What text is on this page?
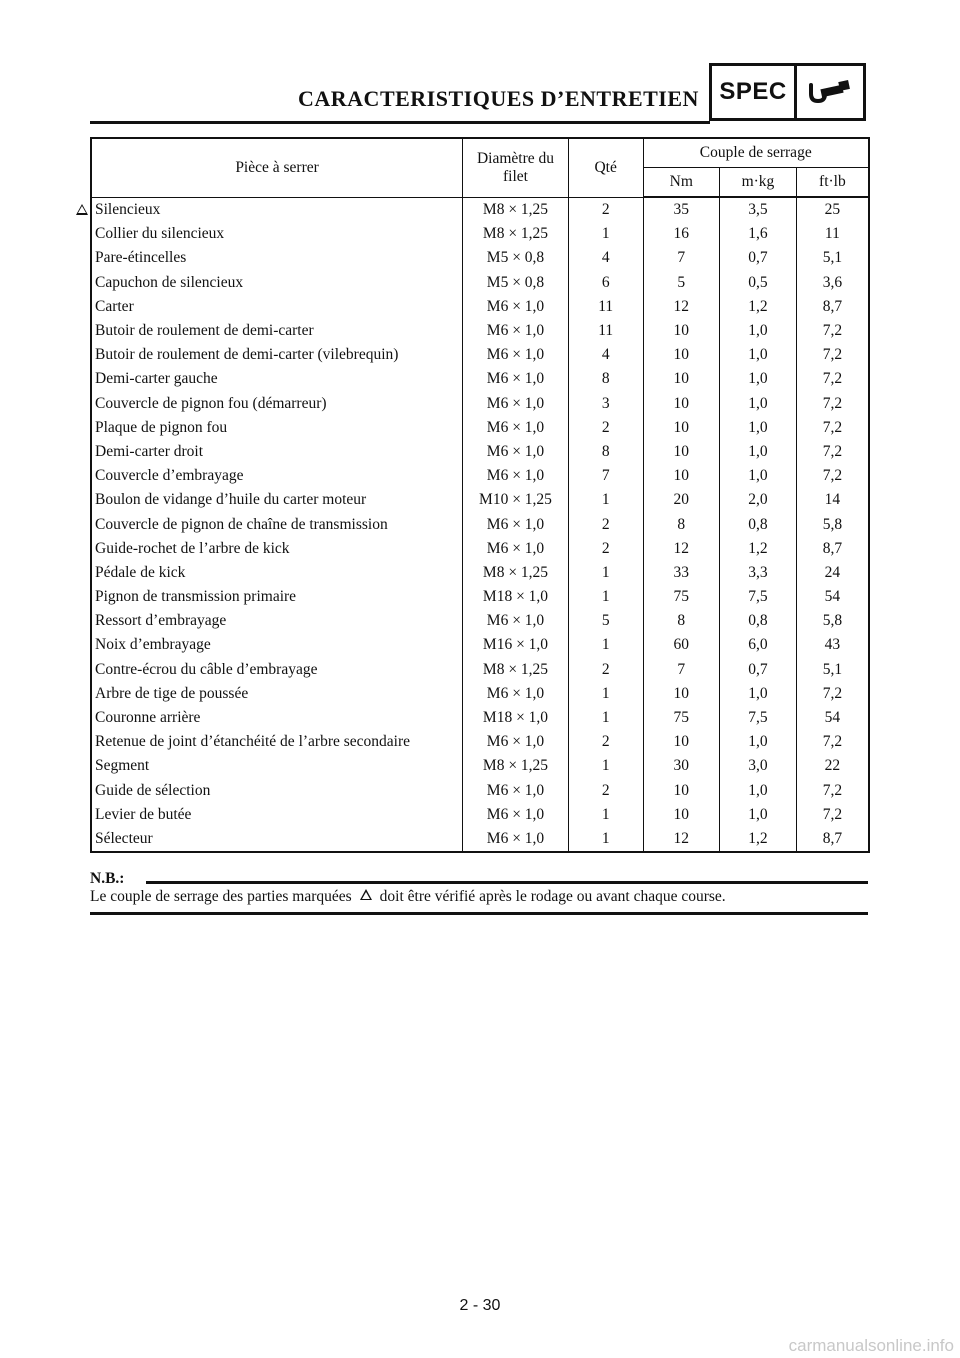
CARACTERISTIQUES D’ENTRETIEN SPEC
Pièce à serrer	Diamètre du
filet	Qté	Couple de serrage		
			Nm	m·kg	ft·lb
Silencieux	M8 × 1,25	2	35	3,5	25
Collier du silencieux	M8 × 1,25	1	16	1,6	11
Pare-étincelles	M5 × 0,8	4	7	0,7	5,1
Capuchon de silencieux	M5 × 0,8	6	5	0,5	3,6
Carter	M6 × 1,0	11	12	1,2	8,7
Butoir de roulement de demi-carter	M6 × 1,0	11	10	1,0	7,2
Butoir de roulement de demi-carter (vilebrequin)	M6 × 1,0	4	10	1,0	7,2
Demi-carter gauche	M6 × 1,0	8	10	1,0	7,2
Couvercle de pignon fou (démarreur)	M6 × 1,0	3	10	1,0	7,2
Plaque de pignon fou	M6 × 1,0	2	10	1,0	7,2
Demi-carter droit	M6 × 1,0	8	10	1,0	7,2
Couvercle d’embrayage	M6 × 1,0	7	10	1,0	7,2
Boulon de vidange d’huile du carter moteur	M10 × 1,25	1	20	2,0	14
Couvercle de pignon de chaîne de transmission	M6 × 1,0	2	8	0,8	5,8
Guide-rochet de l’arbre de kick	M6 × 1,0	2	12	1,2	8,7
Pédale de kick	M8 × 1,25	1	33	3,3	24
Pignon de transmission primaire	M18 × 1,0	1	75	7,5	54
Ressort d’embrayage	M6 × 1,0	5	8	0,8	5,8
Noix d’embrayage	M16 × 1,0	1	60	6,0	43
Contre-écrou du câble d’embrayage	M8 × 1,25	2	7	0,7	5,1
Arbre de tige de poussée	M6 × 1,0	1	10	1,0	7,2
Couronne arrière	M18 × 1,0	1	75	7,5	54
Retenue de joint d’étanchéité de l’arbre secondaire	M6 × 1,0	2	10	1,0	7,2
Segment	M8 × 1,25	1	30	3,0	22
Guide de sélection	M6 × 1,0	2	10	1,0	7,2
Levier de butée	M6 × 1,0	1	10	1,0	7,2
Sélecteur	M6 × 1,0	1	12	1,2	8,7
N.B.:
Le couple de serrage des parties marquées doit être vérifié après le rodage ou avant chaque course.
2 - 30
carmanualsonline.info
